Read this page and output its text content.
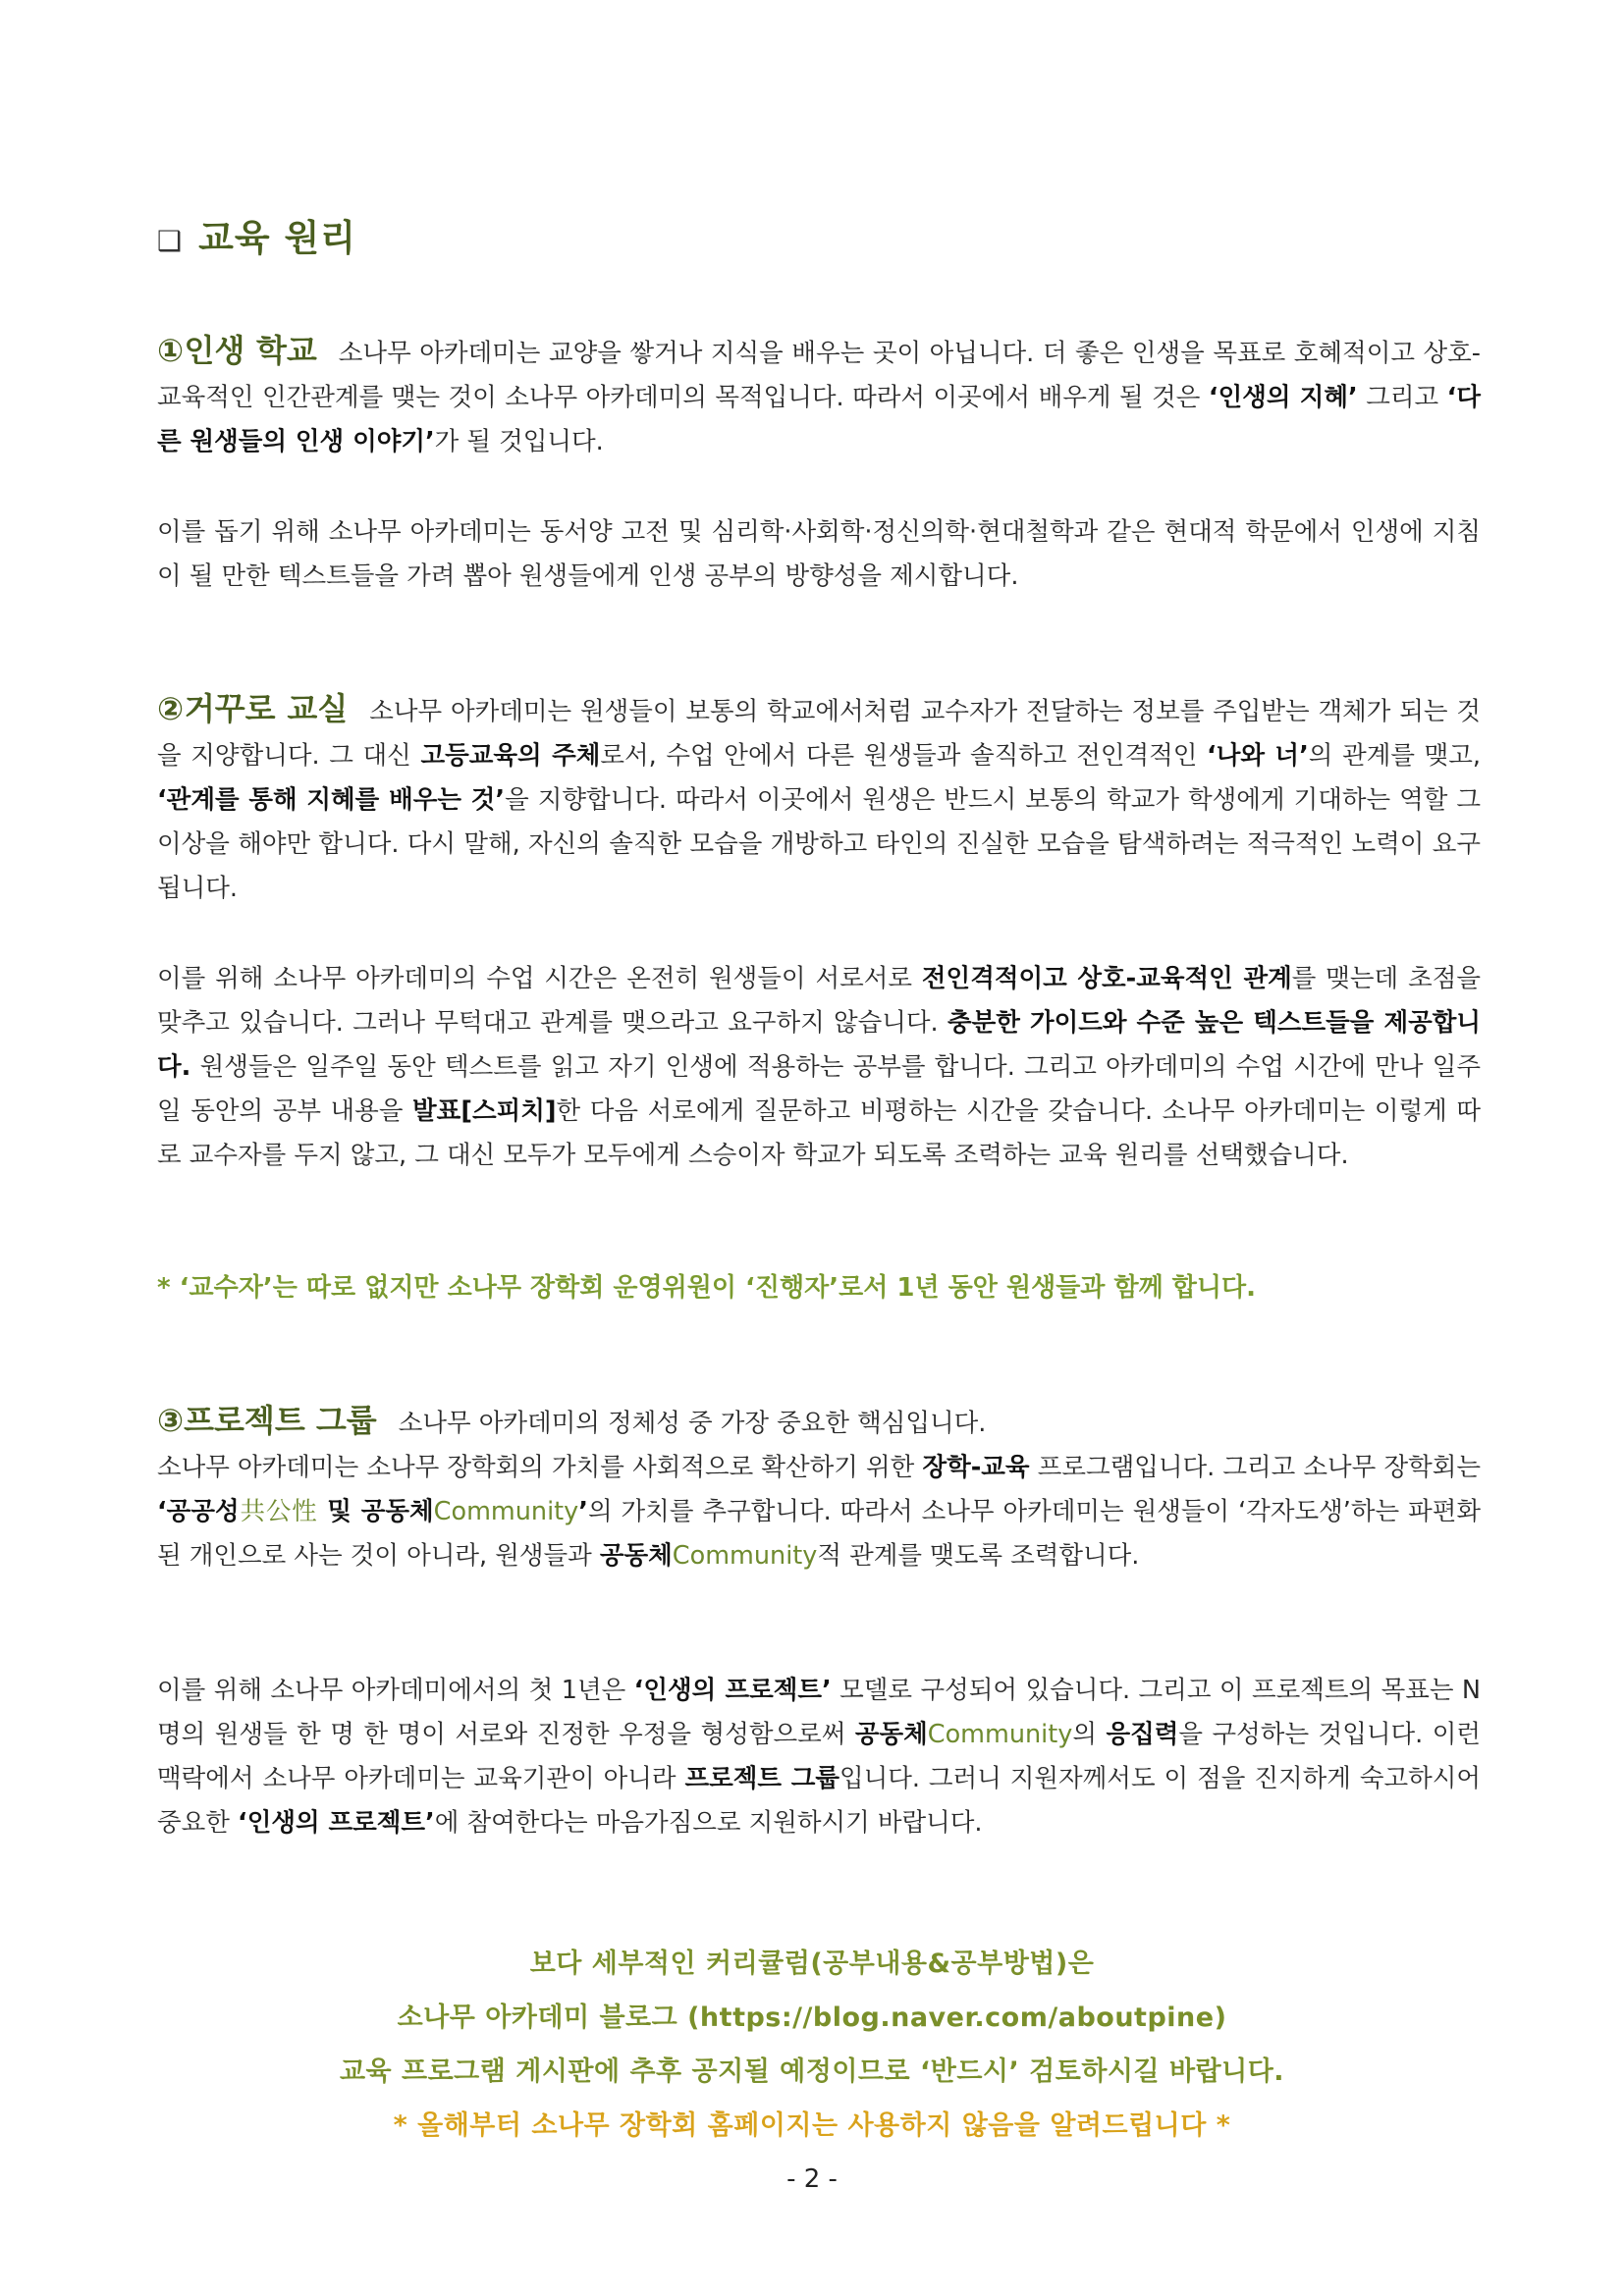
❑ 교육 원리
①인생 학교 소나무 아카데미는 교양을 쌓거나 지식을 배우는 곳이 아닙니다. 더 좋은 인생을 목표로 호혜적이고 상호-교육적인 인간관계를 맺는 것이 소나무 아카데미의 목적입니다. 따라서 이곳에서 배우게 될 것은 ‘인생의 지혜’ 그리고 ‘다른 원생들의 인생 이야기’가 될 것입니다.
이를 돕기 위해 소나무 아카데미는 동서양 고전 및 심리학·사회학·정신의학·현대철학과 같은 현대적 학문에서 인생에 지침이 될 만한 텍스트들을 가려 뽑아 원생들에게 인생 공부의 방향성을 제시합니다.
②거꾸로 교실 소나무 아카데미는 원생들이 보통의 학교에서처럼 교수자가 전달하는 정보를 주입받는 객체가 되는 것을 지양합니다. 그 대신 고등교육의 주체로서, 수업 안에서 다른 원생들과 솔직하고 전인격적인 ‘나와 너’의 관계를 맺고, ‘관계를 통해 지혜를 배우는 것’을 지향합니다. 따라서 이곳에서 원생은 반드시 보통의 학교가 학생에게 기대하는 역할 그 이상을 해야만 합니다. 다시 말해, 자신의 솔직한 모습을 개방하고 타인의 진실한 모습을 탐색하려는 적극적인 노력이 요구됩니다.
이를 위해 소나무 아카데미의 수업 시간은 온전히 원생들이 서로서로 전인격적이고 상호-교육적인 관계를 맺는데 초점을 맞추고 있습니다. 그러나 무턱대고 관계를 맺으라고 요구하지 않습니다. 충분한 가이드와 수준 높은 텍스트들을 제공합니다. 원생들은 일주일 동안 텍스트를 읽고 자기 인생에 적용하는 공부를 합니다. 그리고 아카데미의 수업 시간에 만나 일주일 동안의 공부 내용을 발표[스피치]한 다음 서로에게 질문하고 비평하는 시간을 갖습니다. 소나무 아카데미는 이렇게 따로 교수자를 두지 않고, 그 대신 모두가 모두에게 스승이자 학교가 되도록 조력하는 교육 원리를 선택했습니다.
* ‘교수자’는 따로 없지만 소나무 장학회 운영위원이 ‘진행자’로서 1년 동안 원생들과 함께 합니다.
③프로젝트 그룹 소나무 아카데미의 정체성 중 가장 중요한 핵심입니다.
소나무 아카데미는 소나무 장학회의 가치를 사회적으로 확산하기 위한 장학-교육 프로그램입니다. 그리고 소나무 장학회는 ‘공공성共公性 및 공동체Community’의 가치를 추구합니다. 따라서 소나무 아카데미는 원생들이 ‘각자도생’하는 파편화된 개인으로 사는 것이 아니라, 원생들과 공동체Community적 관계를 맺도록 조력합니다.
이를 위해 소나무 아카데미에서의 첫 1년은 ‘인생의 프로젝트’ 모델로 구성되어 있습니다. 그리고 이 프로젝트의 목표는 N명의 원생들 한 명 한 명이 서로와 진정한 우정을 형성함으로써 공동체Community의 응집력을 구성하는 것입니다. 이런 맥락에서 소나무 아카데미는 교육기관이 아니라 프로젝트 그룹입니다. 그러니 지원자께서도 이 점을 진지하게 숙고하시어 중요한 ‘인생의 프로젝트’에 참여한다는 마음가짐으로 지원하시기 바랍니다.
보다 세부적인 커리큘럼(공부내용&공부방법)은
소나무 아카데미 블로그 (https://blog.naver.com/aboutpine)
교육 프로그램 게시판에 추후 공지될 예정이므로 ‘반드시’ 검토하시길 바랍니다.
* 올해부터 소나무 장학회 홈페이지는 사용하지 않음을 알려드립니다 *
- 2 -
